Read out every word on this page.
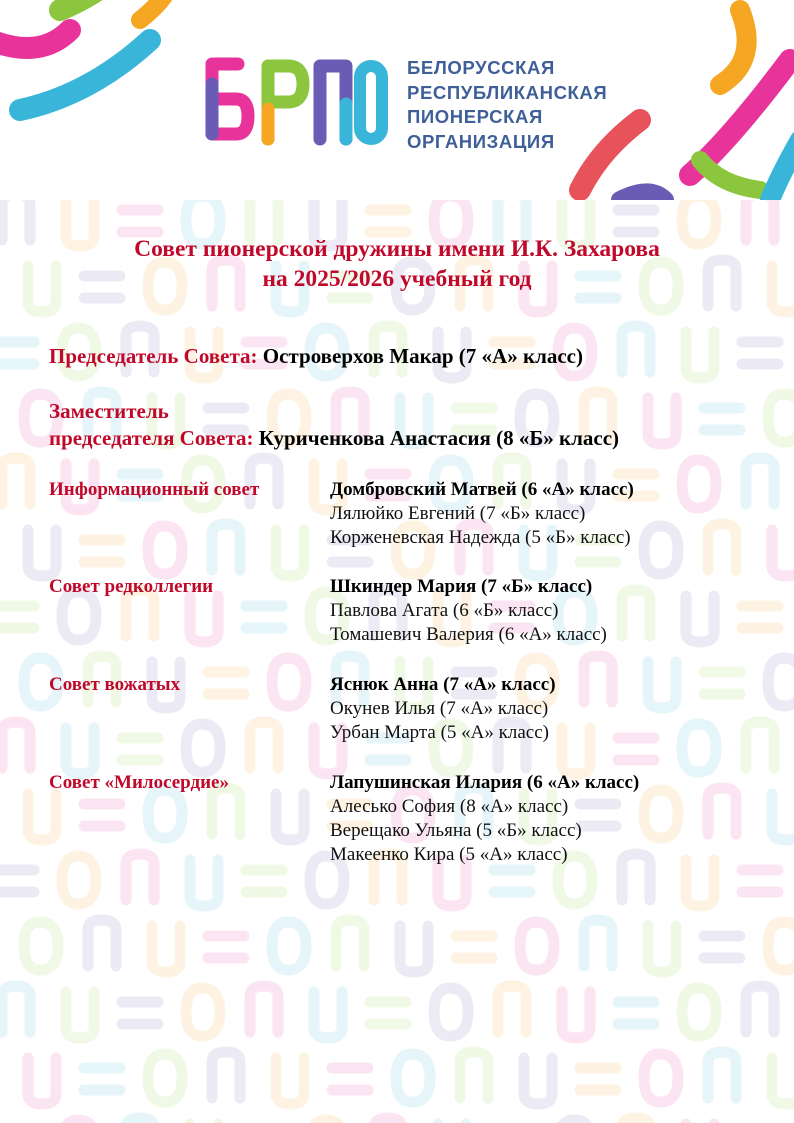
БЕЛОРУССКАЯ
РЕСПУБЛИКАНСКАЯ
ПИОНЕРСКАЯ
ОРГАНИЗАЦИЯ
Совет пионерской дружины имени И.К. Захарова
на 2025/2026 учебный год
Председатель Совета: Островерхов Макар (7 «А» класс)
Заместитель
председателя Совета: Куриченкова Анастасия (8 «Б» класс)
Информационный совет	Домбровский Матвей (6 «А» класс)
Лялюйко Евгений (7 «Б» класс)
Корженевская Надежда (5 «Б» класс)
Совет редколлегии	Шкиндер Мария (7 «Б» класс)
Павлова Агата (6 «Б» класс)
Томашевич Валерия (6 «А» класс)
Совет вожатых	Яснюк Анна (7 «А» класс)
Окунев Илья (7 «А» класс)
Урбан Марта (5 «А» класс)
Совет «Милосердие»	Лапушинская Илария (6 «А» класс)
Алесько София (8 «А» класс)
Верещако Ульяна (5 «Б» класс)
Макеенко Кира (5 «А» класс)
